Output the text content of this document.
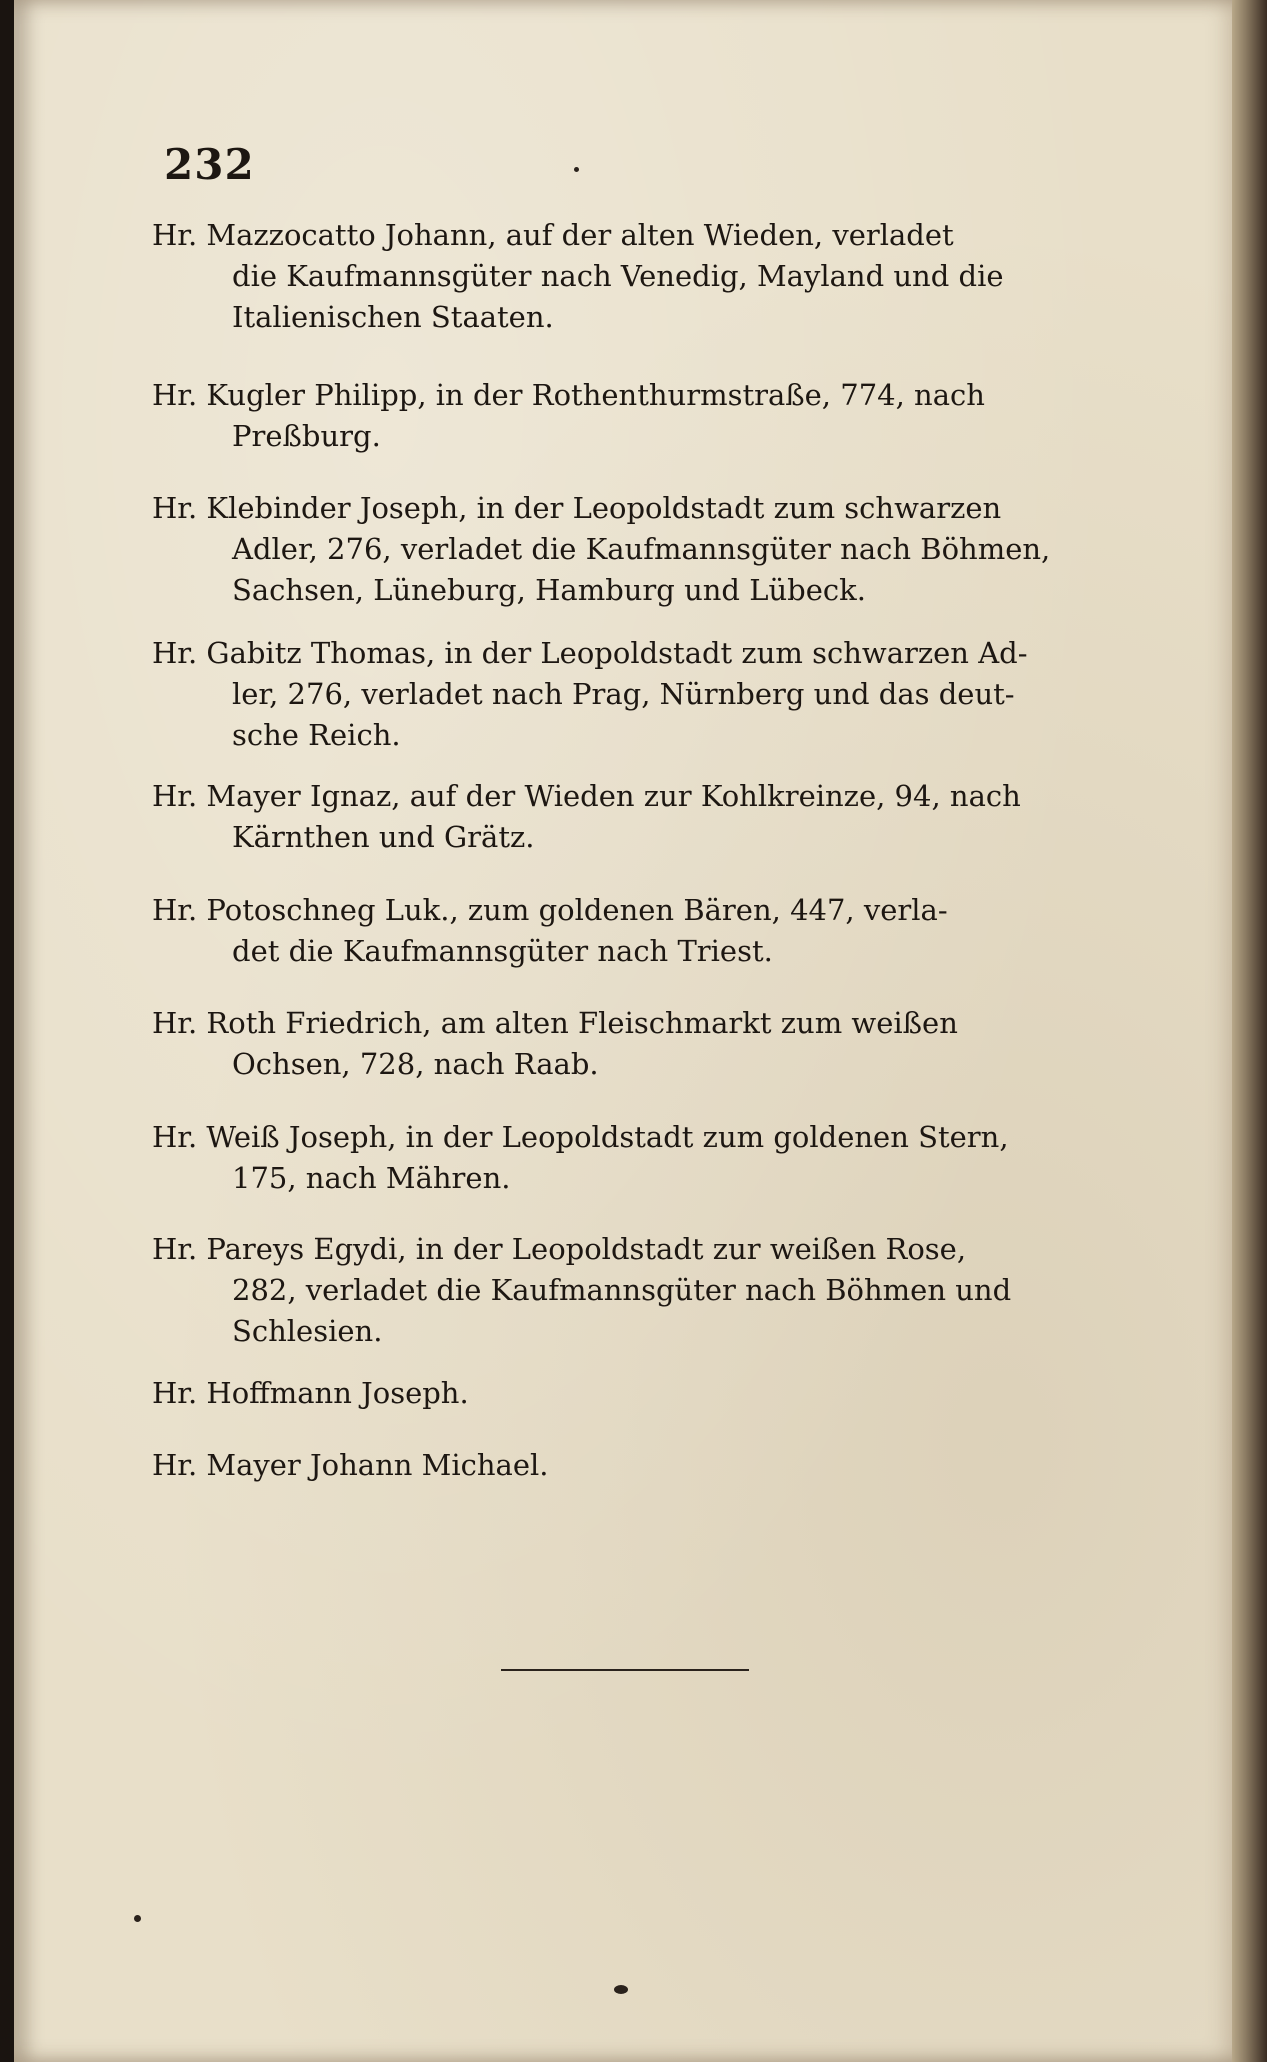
232
Hr. Mazzocatto Johann, auf der alten Wieden, verladet
die Kaufmannsgüter nach Venedig, Mayland und die
Italienischen Staaten.
Hr. Kugler Philipp, in der Rothenthurmstraße, 774, nach
Preßburg.
Hr. Klebinder Joseph, in der Leopoldstadt zum schwarzen
Adler, 276, verladet die Kaufmannsgüter nach Böhmen,
Sachsen, Lüneburg, Hamburg und Lübeck.
Hr. Gabitz Thomas, in der Leopoldstadt zum schwarzen Ad-
ler, 276, verladet nach Prag, Nürnberg und das deut-
sche Reich.
Hr. Mayer Ignaz, auf der Wieden zur Kohlkreinze, 94, nach
Kärnthen und Grätz.
Hr. Potoschneg Luk., zum goldenen Bären, 447, verla-
det die Kaufmannsgüter nach Triest.
Hr. Roth Friedrich, am alten Fleischmarkt zum weißen
Ochsen, 728, nach Raab.
Hr. Weiß Joseph, in der Leopoldstadt zum goldenen Stern,
175, nach Mähren.
Hr. Pareys Egydi, in der Leopoldstadt zur weißen Rose,
282, verladet die Kaufmannsgüter nach Böhmen und
Schlesien.
Hr. Hoffmann Joseph.
Hr. Mayer Johann Michael.
